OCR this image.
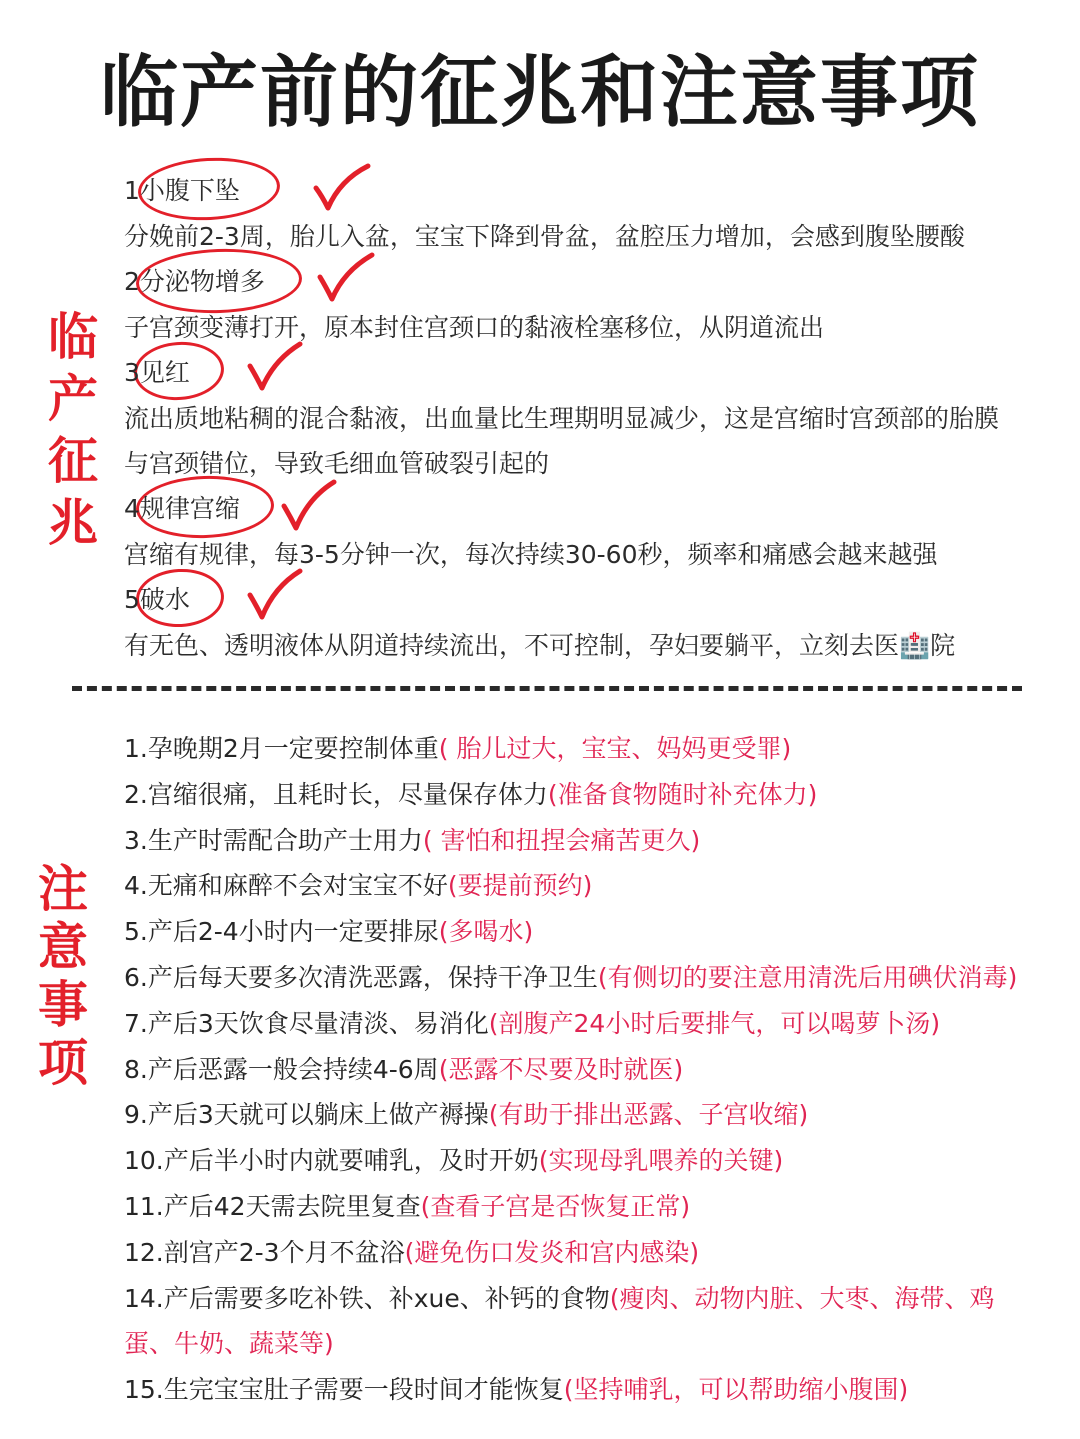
临产前的征兆和注意事项
临
产
征
兆
1小腹下坠
分娩前2-3周，胎儿入盆，宝宝下降到骨盆，盆腔压力增加，会感到腹坠腰酸
2分泌物增多
子宫颈变薄打开，原本封住宫颈口的黏液栓塞移位，从阴道流出
3见红
流出质地粘稠的混合黏液，出血量比生理期明显减少，这是宫缩时宫颈部的胎膜
与宫颈错位，导致毛细血管破裂引起的
4规律宫缩
宫缩有规律，每3-5分钟一次，每次持续30-60秒，频率和痛感会越来越强
5破水
有无色、透明液体从阴道持续流出，不可控制，孕妇要躺平，立刻去医🏥院
注
意
事
项
1.孕晚期2月一定要控制体重( 胎儿过大，宝宝、妈妈更受罪)
2.宫缩很痛，且耗时长，尽量保存体力(准备食物随时补充体力)
3.生产时需配合助产士用力( 害怕和扭捏会痛苦更久)
4.无痛和麻醉不会对宝宝不好(要提前预约)
5.产后2-4小时内一定要排尿(多喝水)
6.产后每天要多次清洗恶露，保持干净卫生(有侧切的要注意用清洗后用碘伏消毒)
7.产后3天饮食尽量清淡、易消化(剖腹产24小时后要排气，可以喝萝卜汤)
8.产后恶露一般会持续4-6周(恶露不尽要及时就医)
9.产后3天就可以躺床上做产褥操(有助于排出恶露、子宫收缩)
10.产后半小时内就要哺乳，及时开奶(实现母乳喂养的关键)
11.产后42天需去院里复查(查看子宫是否恢复正常)
12.剖宫产2-3个月不盆浴(避免伤口发炎和宫内感染)
14.产后需要多吃补铁、补xue、补钙的食物(瘦肉、动物内脏、大枣、海带、鸡
蛋、牛奶、蔬菜等)
15.生完宝宝肚子需要一段时间才能恢复(坚持哺乳，可以帮助缩小腹围)
